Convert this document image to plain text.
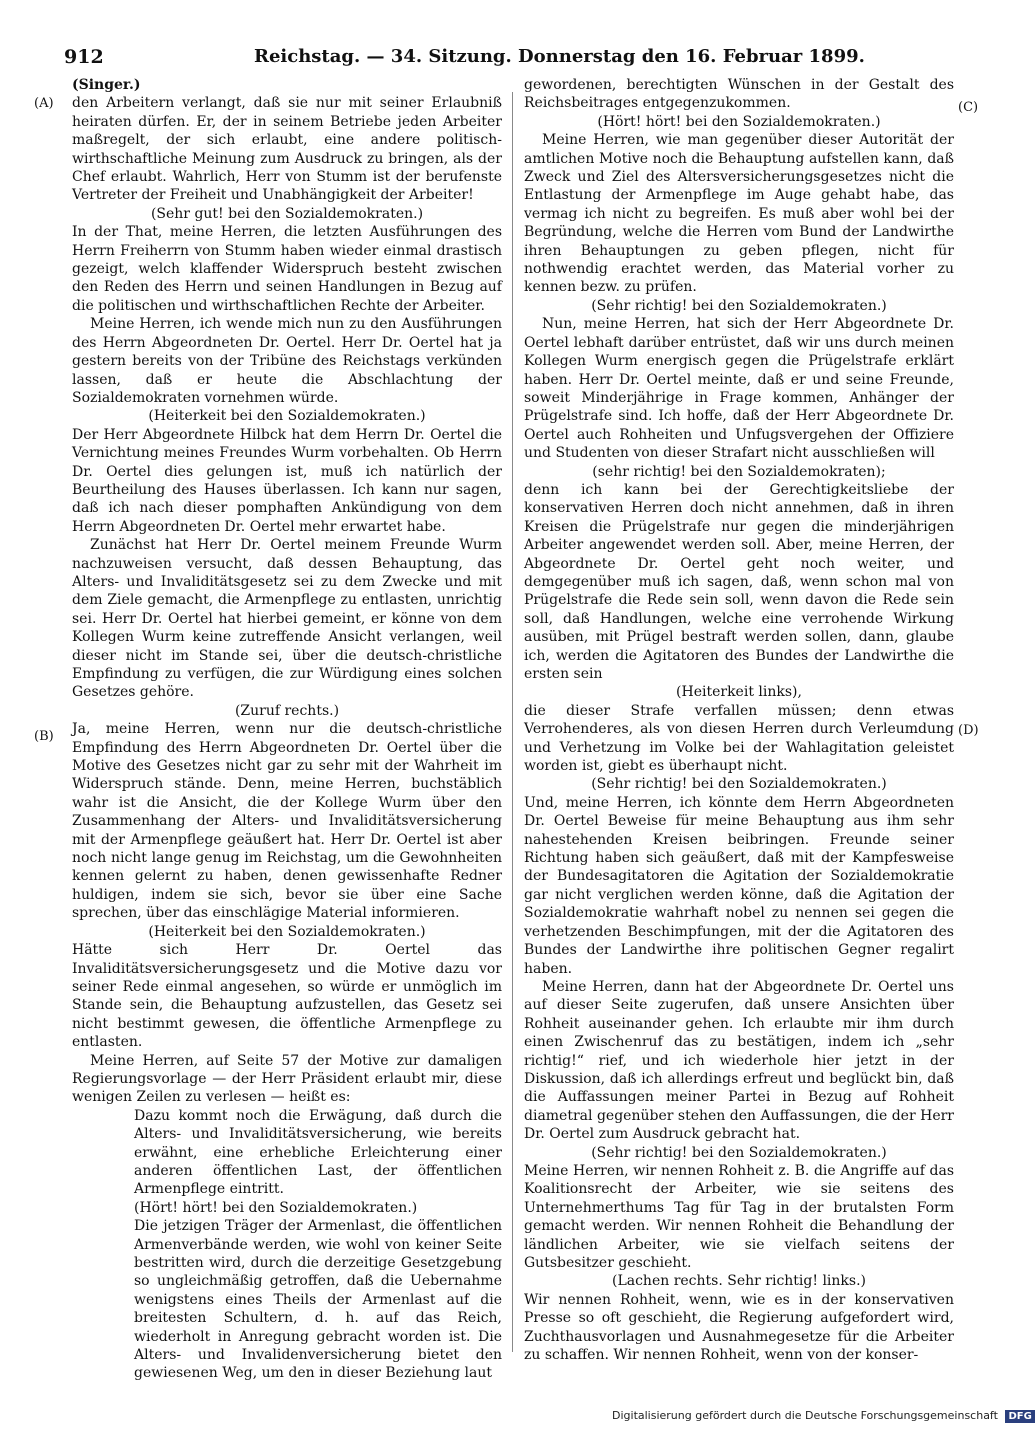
912	Reichstag. — 34. Sitzung. Donnerstag den 16. Februar 1899.
(A)
(B)
(C)
(D)

(Singer.)

den Arbeitern verlangt, daß sie nur mit seiner Erlaubniß heiraten dürfen. Er, der in seinem Betriebe jeden Arbeiter maßregelt, der sich erlaubt, eine andere politisch-wirthschaftliche Meinung zum Ausdruck zu bringen, als der Chef erlaubt. Wahrlich, Herr von Stumm ist der berufenste Vertreter der Freiheit und Unabhängigkeit der Arbeiter!

(Sehr gut! bei den Sozialdemokraten.)

In der That, meine Herren, die letzten Ausführungen des Herrn Freiherrn von Stumm haben wieder einmal drastisch gezeigt, welch klaffender Widerspruch besteht zwischen den Reden des Herrn und seinen Handlungen in Bezug auf die politischen und wirthschaftlichen Rechte der Arbeiter.

Meine Herren, ich wende mich nun zu den Ausführungen des Herrn Abgeordneten Dr. Oertel. Herr Dr. Oertel hat ja gestern bereits von der Tribüne des Reichstags verkünden lassen, daß er heute die Abschlachtung der Sozialdemokraten vornehmen würde.

(Heiterkeit bei den Sozialdemokraten.)

Der Herr Abgeordnete Hilbck hat dem Herrn Dr. Oertel die Vernichtung meines Freundes Wurm vorbehalten. Ob Herrn Dr. Oertel dies gelungen ist, muß ich natürlich der Beurtheilung des Hauses überlassen. Ich kann nur sagen, daß ich nach dieser pomphaften Ankündigung von dem Herrn Abgeordneten Dr. Oertel mehr erwartet habe.

Zunächst hat Herr Dr. Oertel meinem Freunde Wurm nachzuweisen versucht, daß dessen Behauptung, das Alters- und Invaliditätsgesetz sei zu dem Zwecke und mit dem Ziele gemacht, die Armenpflege zu entlasten, unrichtig sei. Herr Dr. Oertel hat hierbei gemeint, er könne von dem Kollegen Wurm keine zutreffende Ansicht verlangen, weil dieser nicht im Stande sei, über die deutsch-christliche Empfindung zu verfügen, die zur Würdigung eines solchen Gesetzes gehöre.

(Zuruf rechts.)

Ja, meine Herren, wenn nur die deutsch-christliche Empfindung des Herrn Abgeordneten Dr. Oertel über die Motive des Gesetzes nicht gar zu sehr mit der Wahrheit im Widerspruch stände. Denn, meine Herren, buchstäblich wahr ist die Ansicht, die der Kollege Wurm über den Zusammenhang der Alters- und Invaliditätsversicherung mit der Armenpflege geäußert hat. Herr Dr. Oertel ist aber noch nicht lange genug im Reichstag, um die Gewohnheiten kennen gelernt zu haben, denen gewissenhafte Redner huldigen, indem sie sich, bevor sie über eine Sache sprechen, über das einschlägige Material informieren.

(Heiterkeit bei den Sozialdemokraten.)

Hätte sich Herr Dr. Oertel das Invaliditätsversicherungsgesetz und die Motive dazu vor seiner Rede einmal angesehen, so würde er unmöglich im Stande sein, die Behauptung aufzustellen, das Gesetz sei nicht bestimmt gewesen, die öffentliche Armenpflege zu entlasten.

Meine Herren, auf Seite 57 der Motive zur damaligen Regierungsvorlage — der Herr Präsident erlaubt mir, diese wenigen Zeilen zu verlesen — heißt es:

Dazu kommt noch die Erwägung, daß durch die Alters- und Invaliditätsversicherung, wie bereits erwähnt, eine erhebliche Erleichterung einer anderen öffentlichen Last, der öffentlichen Armenpflege eintritt.

(Hört! hört! bei den Sozialdemokraten.)

Die jetzigen Träger der Armenlast, die öffentlichen Armenverbände werden, wie wohl von keiner Seite bestritten wird, durch die derzeitige Gesetzgebung so ungleichmäßig getroffen, daß die Uebernahme wenigstens eines Theils der Armenlast auf die breitesten Schultern, d. h. auf das Reich, wiederholt in Anregung gebracht worden ist. Die Alters- und Invalidenversicherung bietet den gewiesenen Weg, um den in dieser Beziehung laut

gewordenen, berechtigten Wünschen in der Gestalt des Reichsbeitrages entgegenzukommen.

(Hört! hört! bei den Sozialdemokraten.)

Meine Herren, wie man gegenüber dieser Autorität der amtlichen Motive noch die Behauptung aufstellen kann, daß Zweck und Ziel des Altersversicherungsgesetzes nicht die Entlastung der Armenpflege im Auge gehabt habe, das vermag ich nicht zu begreifen. Es muß aber wohl bei der Begründung, welche die Herren vom Bund der Landwirthe ihren Behauptungen zu geben pflegen, nicht für nothwendig erachtet werden, das Material vorher zu kennen bezw. zu prüfen.

(Sehr richtig! bei den Sozialdemokraten.)

Nun, meine Herren, hat sich der Herr Abgeordnete Dr. Oertel lebhaft darüber entrüstet, daß wir uns durch meinen Kollegen Wurm energisch gegen die Prügelstrafe erklärt haben. Herr Dr. Oertel meinte, daß er und seine Freunde, soweit Minderjährige in Frage kommen, Anhänger der Prügelstrafe sind. Ich hoffe, daß der Herr Abgeordnete Dr. Oertel auch Rohheiten und Unfugsvergehen der Offiziere und Studenten von dieser Strafart nicht ausschließen will

(sehr richtig! bei den Sozialdemokraten);

denn ich kann bei der Gerechtigkeitsliebe der konservativen Herren doch nicht annehmen, daß in ihren Kreisen die Prügelstrafe nur gegen die minderjährigen Arbeiter angewendet werden soll. Aber, meine Herren, der Abgeordnete Dr. Oertel geht noch weiter, und demgegenüber muß ich sagen, daß, wenn schon mal von Prügelstrafe die Rede sein soll, wenn davon die Rede sein soll, daß Handlungen, welche eine verrohende Wirkung ausüben, mit Prügel bestraft werden sollen, dann, glaube ich, werden die Agitatoren des Bundes der Landwirthe die ersten sein

(Heiterkeit links),

die dieser Strafe verfallen müssen; denn etwas Verrohenderes, als von diesen Herren durch Verleumdung und Verhetzung im Volke bei der Wahlagitation geleistet worden ist, giebt es überhaupt nicht.

(Sehr richtig! bei den Sozialdemokraten.)

Und, meine Herren, ich könnte dem Herrn Abgeordneten Dr. Oertel Beweise für meine Behauptung aus ihm sehr nahestehenden Kreisen beibringen. Freunde seiner Richtung haben sich geäußert, daß mit der Kampfesweise der Bundesagitatoren die Agitation der Sozialdemokratie gar nicht verglichen werden könne, daß die Agitation der Sozialdemokratie wahrhaft nobel zu nennen sei gegen die verhetzenden Beschimpfungen, mit der die Agitatoren des Bundes der Landwirthe ihre politischen Gegner regalirt haben.

Meine Herren, dann hat der Abgeordnete Dr. Oertel uns auf dieser Seite zugerufen, daß unsere Ansichten über Rohheit auseinander gehen. Ich erlaubte mir ihm durch einen Zwischenruf das zu bestätigen, indem ich „sehr richtig!“ rief, und ich wiederhole hier jetzt in der Diskussion, daß ich allerdings erfreut und beglückt bin, daß die Auffassungen meiner Partei in Bezug auf Rohheit diametral gegenüber stehen den Auffassungen, die der Herr Dr. Oertel zum Ausdruck gebracht hat.

(Sehr richtig! bei den Sozialdemokraten.)

Meine Herren, wir nennen Rohheit z. B. die Angriffe auf das Koalitionsrecht der Arbeiter, wie sie seitens des Unternehmerthums Tag für Tag in der brutalsten Form gemacht werden. Wir nennen Rohheit die Behandlung der ländlichen Arbeiter, wie sie vielfach seitens der Gutsbesitzer geschieht.

(Lachen rechts. Sehr richtig! links.)

Wir nennen Rohheit, wenn, wie es in der konservativen Presse so oft geschieht, die Regierung aufgefordert wird, Zuchthausvorlagen und Ausnahmegesetze für die Arbeiter zu schaffen. Wir nennen Rohheit, wenn von der konser-

Digitalisierung gefördert durch die Deutsche Forschungsgemeinschaft DFG
